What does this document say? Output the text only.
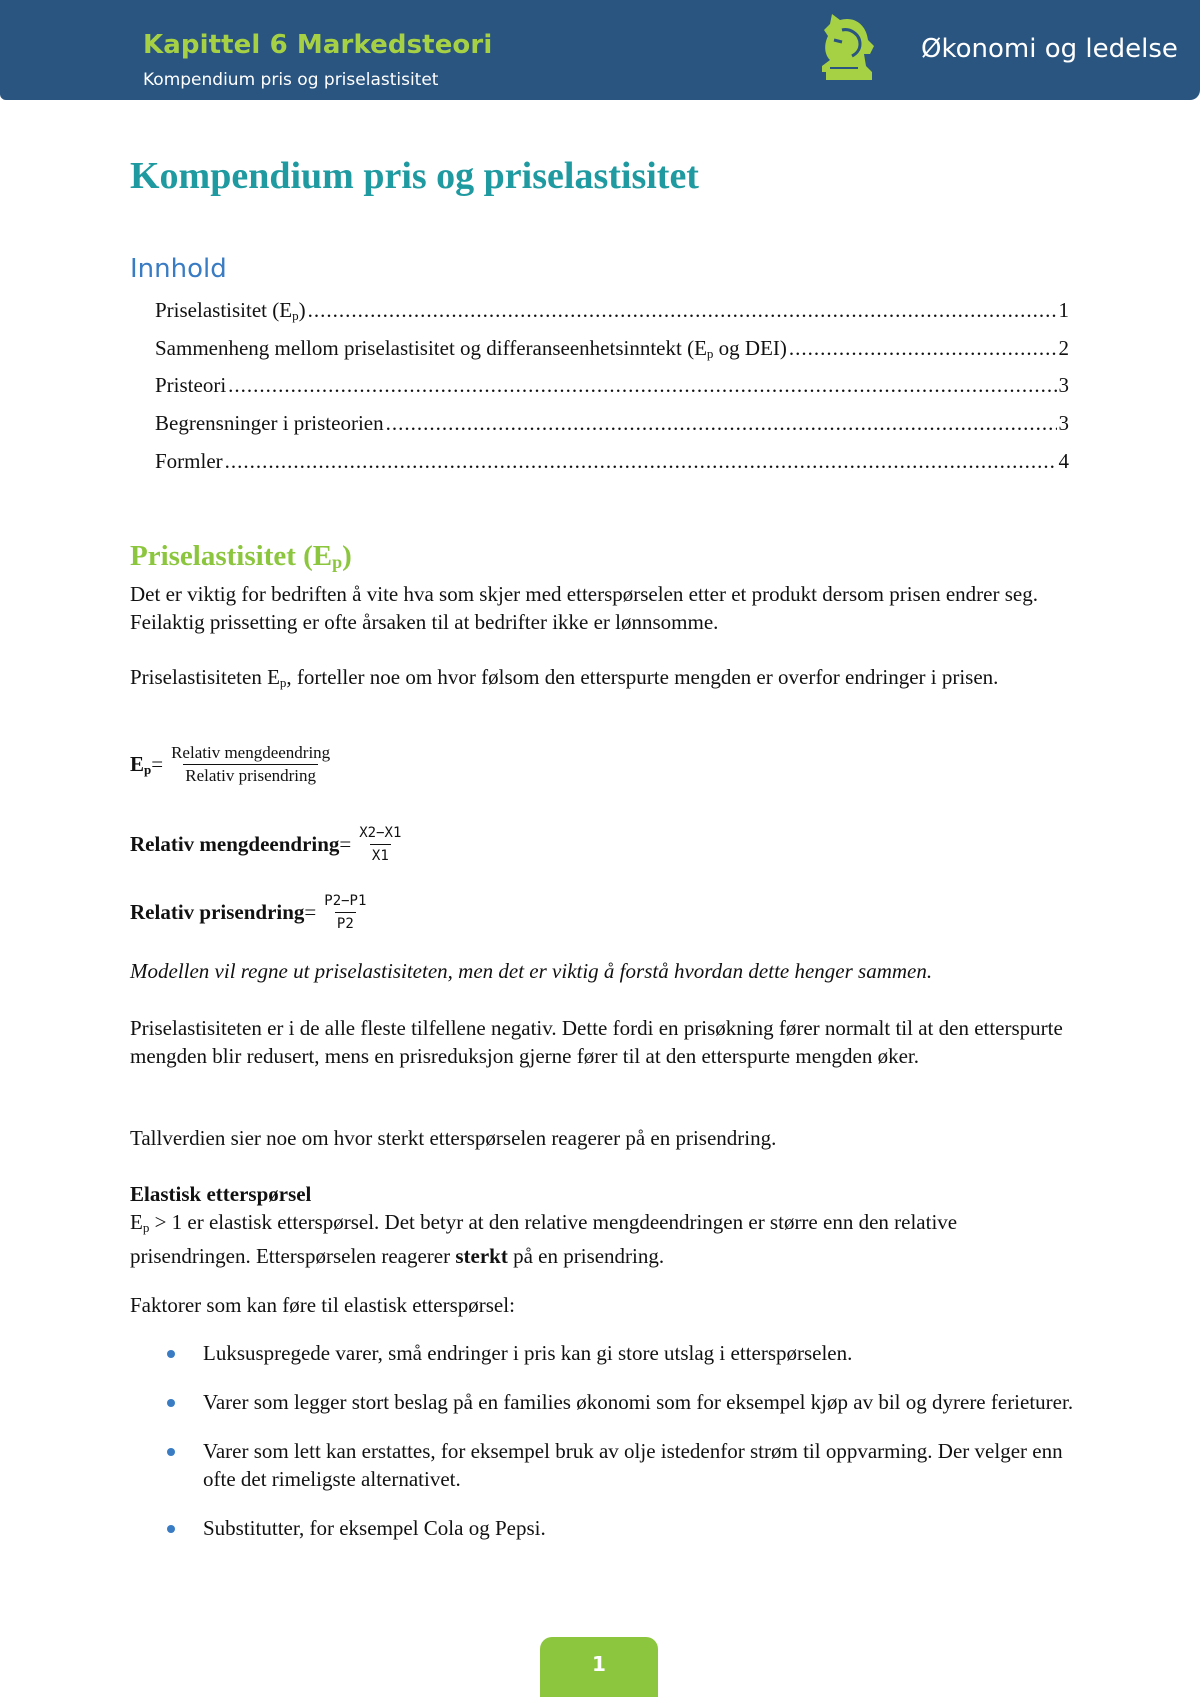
Kapittel 6 Markedsteori
Kompendium pris og priselastisitet
Økonomi og ledelse
Kompendium pris og priselastisitet
Innhold
Priselastisitet $(E_p)$ .....	1
Sammenheng mellom priselastisitet og differanseenhetsinntekt ($E_p$ og DEI) .....	2
Pristeori .....	3
Begrensninger i pristeorien .....	3
Formler .....	4
Priselastisitet $(E_p)$

Det er viktig for bedriften å vite hva som skjer med etterspørselen etter et produkt dersom prisen endrer seg. Feilaktig prissetting er ofte årsaken til at bedrifter ikke er lønnsomme.

Priselastisiteten $E_p$, forteller noe om hvor følsom den etterspurte mengden er overfor endringer i prisen.

$E_p = \frac{\text{Relativ mengdeendring}}{\text{Relativ prisendring}}$
Relativ mengdeendring = $\frac{X2-X1}{X1}$
Relativ prisendring = $\frac{P2-P1}{P2}$

Modellen vil regne ut priselastisiteten, men det er viktig å forstå hvordan dette henger sammen.

Priselastisiteten er i de alle fleste tilfellene negativ. Dette fordi en prisøkning fører normalt til at den etterspurte mengden blir redusert, mens en prisreduksjon gjerne fører til at den etterspurte mengden øker.

Tallverdien sier noe om hvor sterkt etterspørselen reagerer på en prisendring.

Elastisk etterspørsel

$E_p > 1$ er elastisk etterspørsel. Det betyr at den relative mengdeendringen er større enn den relative prisendringen. Etterspørselen reagerer sterkt på en prisendring.

Faktorer som kan føre til elastisk etterspørsel:

Luksuspregede varer, små endringer i pris kan gi store utslag i etterspørselen.
Varer som legger stort beslag på en families økonomi som for eksempel kjøp av bil og dyrere ferieturer.
Varer som lett kan erstattes, for eksempel bruk av olje istedenfor strøm til oppvarming. Der velger enn ofte det rimeligste alternativet.
Substitutter, for eksempel Cola og Pepsi.
1
